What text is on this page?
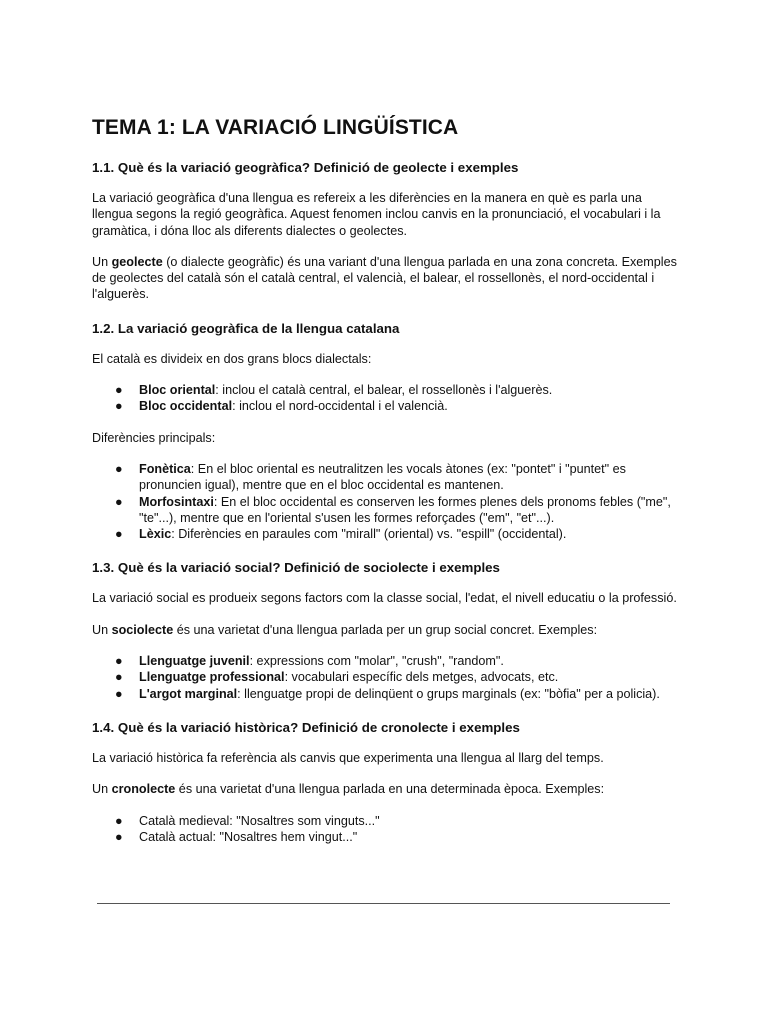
TEMA 1: LA VARIACIÓ LINGÜÍSTICA
1.1. Què és la variació geogràfica? Definició de geolecte i exemples

La variació geogràfica d'una llengua es refereix a les diferències en la manera en què es parla una llengua segons la regió geogràfica. Aquest fenomen inclou canvis en la pronunciació, el vocabulari i la gramàtica, i dóna lloc als diferents dialectes o geolectes.

Un geolecte (o dialecte geogràfic) és una variant d'una llengua parlada en una zona concreta. Exemples de geolectes del català són el català central, el valencià, el balear, el rossellonès, el nord-occidental i l'alguerès.

1.2. La variació geogràfica de la llengua catalana

El català es divideix en dos grans blocs dialectals:

● Bloc oriental: inclou el català central, el balear, el rossellonès i l'alguerès.
● Bloc occidental: inclou el nord-occidental i el valencià.

Diferències principals:

● Fonètica: En el bloc oriental es neutralitzen les vocals àtones (ex: "pontet" i "puntet" es pronuncien igual), mentre que en el bloc occidental es mantenen.
● Morfosintaxi: En el bloc occidental es conserven les formes plenes dels pronoms febles ("me", "te"...), mentre que en l'oriental s'usen les formes reforçades ("em", "et"...).
● Lèxic: Diferències en paraules com "mirall" (oriental) vs. "espill" (occidental).
1.3. Què és la variació social? Definició de sociolecte i exemples

La variació social es produeix segons factors com la classe social, l'edat, el nivell educatiu o la professió.

Un sociolecte és una varietat d'una llengua parlada per un grup social concret. Exemples:

● Llenguatge juvenil: expressions com "molar", "crush", "random".
● Llenguatge professional: vocabulari específic dels metges, advocats, etc.
● L'argot marginal: llenguatge propi de delinqüent o grups marginals (ex: "bòfia" per a policia).
1.4. Què és la variació històrica? Definició de cronolecte i exemples

La variació històrica fa referència als canvis que experimenta una llengua al llarg del temps.

Un cronolecte és una varietat d'una llengua parlada en una determinada època. Exemples:

● Català medieval: "Nosaltres som vinguts..."
● Català actual: "Nosaltres hem vingut..."
